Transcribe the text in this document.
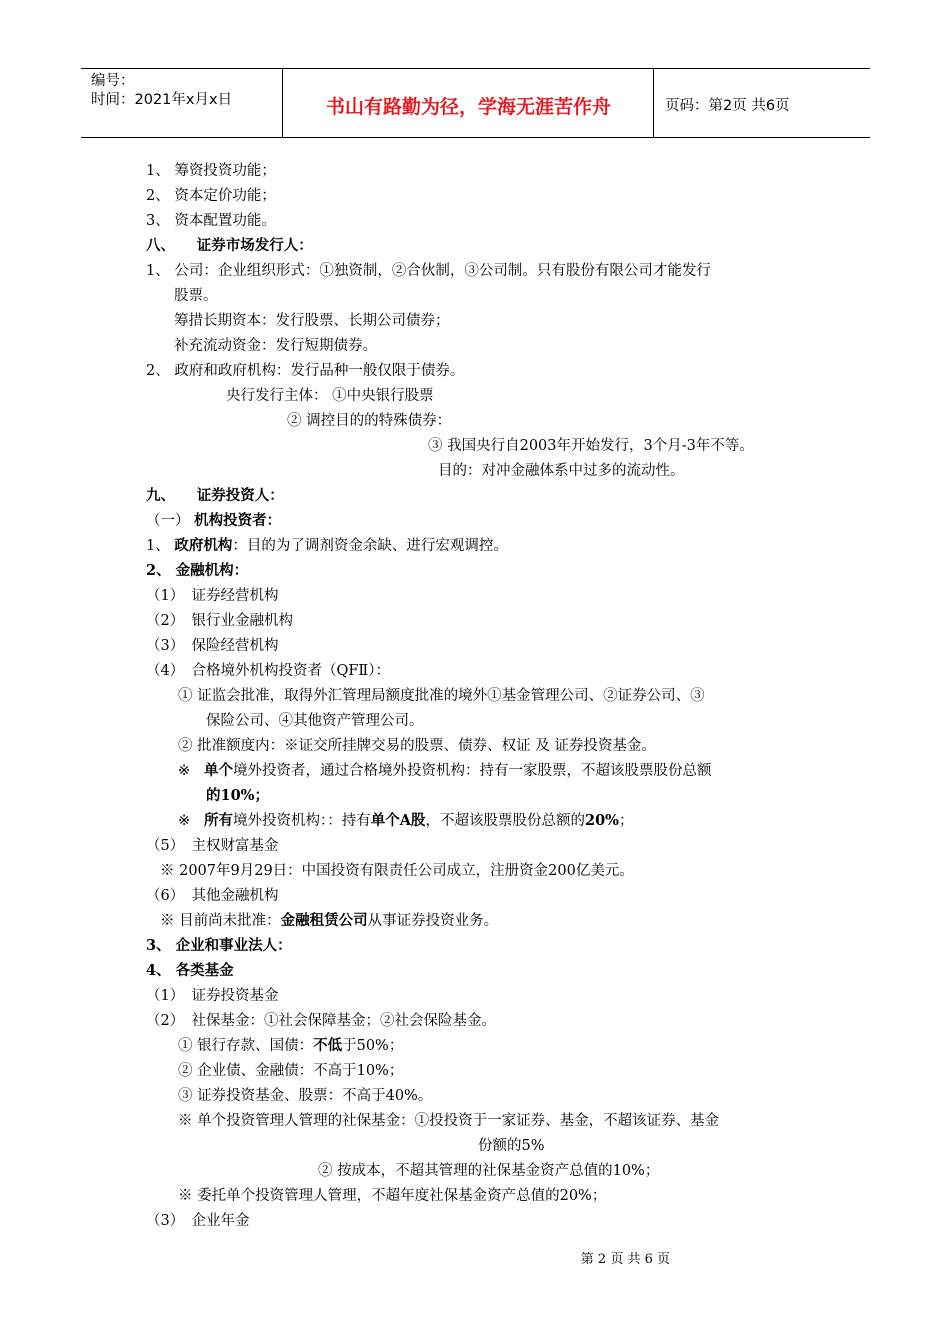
编号：
时间：2021年x月x日	书山有路勤为径，学海无涯苦作舟	页码：第2页 共6页
1、 筹资投资功能；
2、 资本定价功能；
3、 资本配置功能。
八、　　证券市场发行人：
1、 公司：企业组织形式：①独资制，②合伙制，③公司制。只有股份有限公司才能发行
股票。
筹措长期资本：发行股票、长期公司债券；
补充流动资金：发行短期债券。
2、 政府和政府机构：发行品种一般仅限于债券。
央行发行主体： ①中央银行股票
② 调控目的的特殊债券：
③ 我国央行自2003年开始发行，3个月-3年不等。
目的：对冲金融体系中过多的流动性。
九、　　证券投资人：
（一） 机构投资者：
1、 政府机构：目的为了调剂资金余缺、进行宏观调控。
2、 金融机构：
（1）　证券经营机构
（2）　银行业金融机构
（3）　保险经营机构
（4）　合格境外机构投资者（QFⅡ）：
① 证监会批准，取得外汇管理局额度批准的境外①基金管理公司、②证券公司、③
保险公司、④其他资产管理公司。
② 批准额度内：※证交所挂牌交易的股票、债券、权证 及 证券投资基金。
※ 单个境外投资者，通过合格境外投资机构：持有一家股票，不超该股票股份总额
的10%；
※ 所有境外投资机构：：持有单个A股，不超该股票股份总额的20%；
（5）　主权财富基金
※ 2007年9月29日：中国投资有限责任公司成立，注册资金200亿美元。
（6）　其他金融机构
※ 目前尚未批准：金融租赁公司从事证券投资业务。
3、 企业和事业法人：
4、 各类基金
（1）　证券投资基金
（2）　社保基金：①社会保障基金；②社会保险基金。
① 银行存款、国债：不低于50%；
② 企业债、金融债：不高于10%；
③ 证券投资基金、股票：不高于40%。
※ 单个投资管理人管理的社保基金：①投投资于一家证券、基金，不超该证券、基金
份额的5%
② 按成本，不超其管理的社保基金资产总值的10%；
※ 委托单个投资管理人管理，不超年度社保基金资产总值的20%；
（3）　企业年金
第 2 页 共 6 页
